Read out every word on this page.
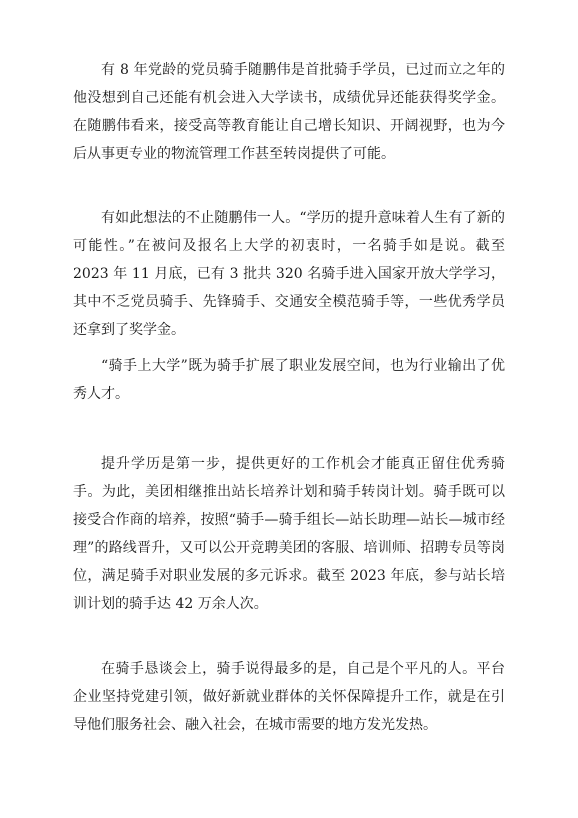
有 8 年党龄的党员骑手随鹏伟是首批骑手学员，已过而立之年的他没想到自己还能有机会进入大学读书，成绩优异还能获得奖学金。在随鹏伟看来，接受高等教育能让自己增长知识、开阔视野，也为今后从事更专业的物流管理工作甚至转岗提供了可能。

有如此想法的不止随鹏伟一人。“学历的提升意味着人生有了新的可能性。”在被问及报名上大学的初衷时，一名骑手如是说。截至 2023 年 11 月底，已有 3 批共 320 名骑手进入国家开放大学学习，其中不乏党员骑手、先锋骑手、交通安全模范骑手等，一些优秀学员还拿到了奖学金。

“骑手上大学”既为骑手扩展了职业发展空间，也为行业输出了优秀人才。

提升学历是第一步，提供更好的工作机会才能真正留住优秀骑手。为此，美团相继推出站长培养计划和骑手转岗计划。骑手既可以接受合作商的培养，按照“骑手—骑手组长—站长助理—站长—城市经理”的路线晋升，又可以公开竞聘美团的客服、培训师、招聘专员等岗位，满足骑手对职业发展的多元诉求。截至 2023 年底，参与站长培训计划的骑手达 42 万余人次。

在骑手恳谈会上，骑手说得最多的是，自己是个平凡的人。平台企业坚持党建引领，做好新就业群体的关怀保障提升工作，就是在引导他们服务社会、融入社会，在城市需要的地方发光发热。
